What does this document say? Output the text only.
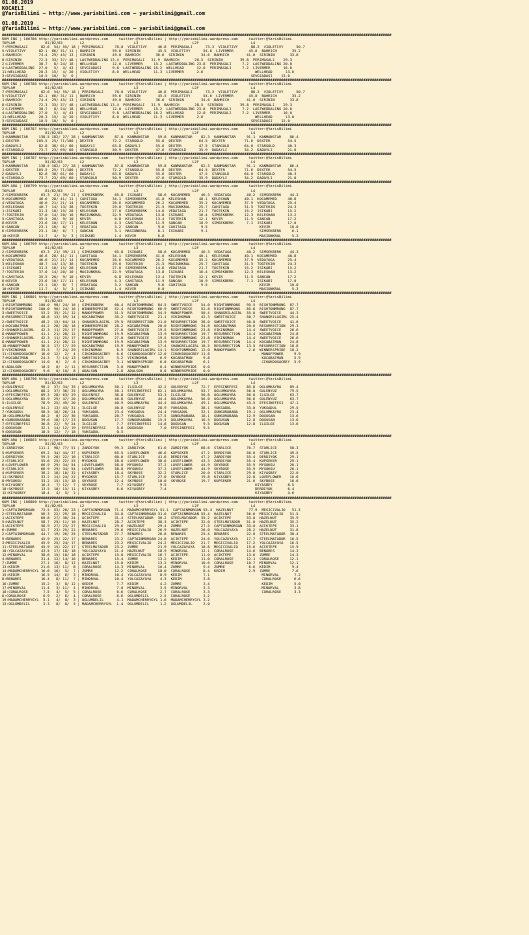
01.08.2019
KOCAELI
@YarisBilimi — http://www.yarisbilimi.com — yarisbilimi@gmail.com
01.08.2019
@YarisBilimi — http://www.yarisbilimi.com — yarisbilimi@gmail.com
####################################################################################################################################################################################
KUM ING | 166786 http://yarisbilimi.wordpress.com     twitter:@YarisBilimi | http://yarisbilimi.wordpress.com     twitter:@YarisBilimi
TOPLAM              81/82/83        L2                       L3                         L2F                        L4
7:PERIMASALI      82.6  54/ 55/ 18 | PERIMASALI     78.0  VIOLETIVY     46.8  PERIMASALI      73.3  VIOLETIVY      88.3  VIOLETIVY      50.7
5:VIOLETIVY      82.1  66/ 31/ 11 | BAHRICH        59.6  SIRININ        45.5  VIOLETIVY      54.6  LIVERMER       45.0  BAHRICH       35.2
1:BAHRICH        74.4  29/ 45/ 13 | SIRININ        49.0  BAHRICH       36.6  SIRININ        34.6  BAHRICH        41.0  SIRININ       33.8
8:SIRININ        72.3  33/ 37/ 48 | LASTWEDDALING 13.4  PERIMASALI   31.9  BAHRICH       28.5  SIRININ        39.8  PERIMASALI    29.3
2:LIVERMER       30.7   8/ 24/ 18 | WELLHEAD       12.0  LIVERMER     15.2  LASTWEDDALING 23.8  PERIMASALI     7.2  LASTWEDDALING 20.0
4:LASTWEDDALING  27.0   5/  4/ 43 | SEVGIADASI     9.8  LASTWEDDALING 16.2  WELLHEAD      12.0  PERIMASALI     7.2  LIVERMER      16.0
11:WELLHEAD      20.3  15/  4/ 20 | VIOLETIVY      8.0  WELLHEAD      11.3  LIVERMER      2.6                        WELLHEAD      13.0
3:SEVGIADASI     10.5  10/  5/  0 |                                                                                SEVGIADASI    13.0
####################################################################################################################################################################################
KUM ING | 166786 http://yarisbilimi.wordpress.com     twitter:@YarisBilimi | http://yarisbilimi.wordpress.com     twitter:@YarisBilimi
TOPLAM              81/82/83        L2                       L3                         L2F                        L4
7:PERIMASALI      82.6  54/ 55/ 18 | PERIMASALI     78.0  VIOLETIVY     46.8  PERIMASALI      73.3  VIOLETIVY      88.3  VIOLETIVY      50.7
5:VIOLETIVY      82.1  66/ 31/ 11 | BAHRICH        59.6  SIRININ        45.5  VIOLETIVY      54.6  LIVERMER       45.0  BAHRICH       35.2
1:BAHRICH        74.4  29/ 45/ 13 | SIRININ        49.0  BAHRICH       36.6  SIRININ        34.6  BAHRICH        41.0  SIRININ       33.8
8:SIRININ        72.3  33/ 37/ 48 | LASTWEDDALING 13.4  PERIMASALI   31.9  BAHRICH       28.5  SIRININ        39.8  PERIMASALI    29.3
2:LIVERMER       30.7   8/ 24/ 18 | WELLHEAD       12.0  LIVERMER     15.2  LASTWEDDALING 23.8  PERIMASALI     7.2  LASTWEDDALING 20.0
4:LASTWEDDALING  27.0   5/  4/ 43 | SEVGIADASI     9.8  LASTWEDDALING 16.2  WELLHEAD      12.0  PERIMASALI     7.2  LIVERMER      16.0
11:WELLHEAD      20.3  15/  4/ 20 | VIOLETIVY      8.0  WELLHEAD      11.3  LIVERMER      2.6                        WELLHEAD      13.0
3:SEVGIADASI     10.5  10/  5/  0 |                                                                                SEVGIADASI    13.0
####################################################################################################################################################################################
KUM ING | 166787 http://yarisbilimi.wordpress.com     twitter:@YarisBilimi | http://yarisbilimi.wordpress.com     twitter:@YarisBilimi
TOPLAM              81/82/83        L2                       L3                         L2F                        L4
3:KANMANSTAR     138.5 182/ 27/ 28 | KANMANSTAR     87.8  KANMANSTAR    59.8  KANMANSTAR    82.3  KANMANSTAR     91.1  KANMANSTAR    86.4
1:DEXTER        105.5  25/ 71/100 | DEXTER         72.2  STARGOLD      55.8  DEXTER        64.5  DEXTER         71.6  DEXTER        54.5
2:DADAYLI        82.8  38/ 61/ 60 | DADAYLI        63.8  DADAYLI       55.6  DEXTER        47.5  STARGOLD       64.0  STARGOLD      40.3
6:STARGOLD       73.7  23/ 69/ 60 | STARGOLD       50.9  DEXTER        47.6  STARGOLD      35.9  DADAYLI        34.2  DADAYLI       21.0
####################################################################################################################################################################################
KUM ING | 166787 http://yarisbilimi.wordpress.com     twitter:@YarisBilimi | http://yarisbilimi.wordpress.com     twitter:@YarisBilimi
TOPLAM              81/82/83        L2                       L3                         L2F                        L4
3:KANMANSTAR     138.5 182/ 27/ 28 | KANMANSTAR     87.8  KANMANSTAR    59.8  KANMANSTAR    82.3  KANMANSTAR     91.1  KANMANSTAR    86.4
1:DEXTER        105.5  25/ 71/100 | DEXTER         72.2  STARGOLD      55.8  DEXTER        64.5  DEXTER         71.6  DEXTER        54.5
2:DADAYLI        82.8  38/ 61/ 60 | DADAYLI        63.8  DADAYLI       55.6  DEXTER        47.5  STARGOLD       64.0  STARGOLD      40.3
6:STARGOLD       73.7  23/ 69/ 60 | STARGOLD       50.9  DEXTER        47.6  STARGOLD      35.9  DADAYLI        34.2  DADAYLI       21.0
####################################################################################################################################################################################
KUM ARA | 166799 http://yarisbilimi.wordpress.com     twitter:@YarisBilimi | http://yarisbilimi.wordpress.com     twitter:@YarisBilimi
TOPLAM              81/82/83        L2                       L3                         L2F                        L4
2:SIMSEKBERK      63.3  21/ 39/ 21 | SIMSEKBERK     65.8  ISIKABI       58.6  KOCAMEMED     46.3  VEDATAGA       40.2  SIMSEKBERK    44.3
9:KOCAMEMED      46.6  28/ 41/ 11 | CAHITAGA       34.1  SIMSEKBERK    41.0  KELESHAN      40.1  KELESHAN       40.1  KOCAMEMED     40.8
4:VEDATAGA       46.6  21/ 21/ 14 | KOCAMEMED      26.6  KOCAMEMED     26.2  KOCAMEMED     35.2  KOCAMEMED      37.9  VEDATAGA      25.4
3:KELESHAN       40.7  14/ 13/ 38 | TOGTEKIN       29.0  TOGTEKIN      21.5  MASIUNKRAL    25.7  CAHITAGA       31.5  TOGTEKIN      24.3
1:ISIKABI        31.3  10/ 15/ 28 | KELESHAN       27.0  SIMSEKBERK    14.6  VEDATAGA      21.7  TOGTEKIN       15.2  ISIKABI       15.2
7:TOGTEKIN       37.0  14/ 20/ 10 | MASIUNKRAL     22.9  VEDATAGA      13.8  ISIKABI       16.4  SIMSEKBERK     12.3  KELESHAN      13.2
5:CAHITAGA       35.5  20/  9/ 10 | KEVIR           6.8  KELESHAN      13.4  TOGTEKIN      12.1  KEVIR          11.5  SANCAN        17.2
8:KEVIR          23.6  10/ 17/ 11 | KELESHAN        4.3  CAHITAGA      11.9  SANCAN        10.9  SIMSEKBERK      7.1  ISIKABI       17.0
6:SANCAN         23.1  10/  8/  7 | VEDATAGA        3.2  SANCAN         9.6  CAHITAGA       9.5                        KEVIR         10.0
6:SIMSEKBERK     23.1  10/  6/  7 | SANCAN          3.1  MASIUNKRAL     8.1  ISIKABI        9.1                        SIMSEKBERK     6.1
10:KEVIR         11.7   4/  5/  3 | ISIKABI         1.4  KEVIR          6.0                                            MASIUNKRAL     5.3
####################################################################################################################################################################################
KUM ARA | 166799 http://yarisbilimi.wordpress.com     twitter:@YarisBilimi | http://yarisbilimi.wordpress.com     twitter:@YarisBilimi
TOPLAM              81/82/83        L2                       L3                         L2F                        L4
2:SIMSEKBERK      63.3  21/ 39/ 21 | SIMSEKBERK     65.8  ISIKABI       58.6  KOCAMEMED     46.3  VEDATAGA       40.2  SIMSEKBERK    44.3
9:KOCAMEMED      46.6  28/ 41/ 11 | CAHITAGA       34.1  SIMSEKBERK    41.0  KELESHAN      40.1  KELESHAN       40.1  KOCAMEMED     40.8
4:VEDATAGA       46.6  21/ 21/ 14 | KOCAMEMED      26.6  KOCAMEMED     26.2  KOCAMEMED     35.2  KOCAMEMED      37.9  VEDATAGA      25.4
3:KELESHAN       40.7  14/ 13/ 38 | TOGTEKIN       29.0  TOGTEKIN      21.5  MASIUNKRAL    25.7  CAHITAGA       31.5  TOGTEKIN      24.3
1:ISIKABI        31.3  10/ 15/ 28 | KELESHAN       27.0  SIMSEKBERK    14.6  VEDATAGA      21.7  TOGTEKIN       15.2  ISIKABI       15.2
7:TOGTEKIN       37.0  14/ 20/ 10 | MASIUNKRAL     22.9  VEDATAGA      13.8  ISIKABI       16.4  SIMSEKBERK     12.3  KELESHAN      13.2
5:CAHITAGA       35.5  20/  9/ 10 | KEVIR           6.8  KELESHAN      13.4  TOGTEKIN      12.1  KEVIR          11.5  SANCAN        17.2
8:KEVIR          23.6  10/ 17/ 11 | KELESHAN        4.3  CAHITAGA      11.9  SANCAN        10.9  SIMSEKBERK      7.1  ISIKABI       17.0
6:SANCAN         23.1  10/  8/  7 | VEDATAGA        3.2  SANCAN         9.6  CAHITAGA       9.5                        KEVIR         10.0
10:KEVIR         11.7   4/  5/  3 | ISIKABI         1.4  KEVIR          6.0                                            MASIUNKRAL     5.3
####################################################################################################################################################################################
KUM ING | 166801 http://yarisbilimi.wordpress.com     twitter:@YarisBilimi | http://yarisbilimi.wordpress.com     twitter:@YarisBilimi
TOPLAM              81/82/83        L2                       L3                         L2F                        L4
1:RIGHTONMRONG   100.0  90/ 24/ 16 | SIMSEKBERK     60.4  RIGHTONMRONG  84.5  SWEETVOICE    54.0  RIGHTONMRONG   95.5  RIGHTONMRONG  87.7
9:RIGHTONMRONG   100.0  90/ 24/ 16 | WINNERSPRIDE   52.4  RIGHTONMRONG  66.9  SWEETVOICE    52.8  RIGHTONMRONG   85.8  RIGHTONMRONG  87.7
3:SWEETVOICE      53.2  35/ 21/ 12 | MANOFPOWER     51.5  RIGHTONMRONG  54.5  MANOFPOWER    50.4  SHANGRILAGIRL  55.0  SWEETVOICE    44.3
6:RESURRECTION    48.8  13/ 59/ 14 | KOCABATMAN     35.2  SWEETVOICE    21.1  VIKINGMAN     42.3  SWEETVOICE     50.7  SHANGRILAGIRL 25.4
2:SWEETVOICE      48.2  15/ 64/ 14 | SHANGRILAGIRL  29.5  RESURRECTION  21.0  RESURRECTION  38.0  SWEETVOICE     40.0  SWEETVOICE    41.6
4:KOCABATMAN      44.2  28/ 28/ 16 | WINNERSPRIDE   28.2  KOCABATMAN    20.0  RIGHTONMRONG  34.8  KOCABATMAN     20.6  RESURRECTION  29.3
2:SHANGRILAGIRL   42.3  11/ 25/ 17 | MANOFPOWER     27.0  SWEETVOICE    19.5  RIGHTONMRONG  23.8  VIKINGMAN      14.4  SWEETVOICE    26.6
8:MANOFPOWER      41.1  21/ 28/ 12 | RIGHTONMRONG   19.9  KOCABATMAN    13.9  RESURRECTION  19.7  RESURRECTION   14.4  KOCABATMAN    24.8
2:SHANGRILAGIRL   42.3  11/ 25/ 17 | MANOFPOWER     27.0  SWEETVOICE    19.5  RIGHTONMRONG  23.8  VIKINGMAN      14.4  SWEETVOICE    26.6
8:MANOFPOWER      41.1  21/ 28/ 12 | RIGHTONMRONG   19.9  KOCABATMAN    13.9  RESURRECTION  19.7  RESURRECTION   14.4  KOCABATMAN    24.8
10:MANOFPOWER     36.5  17/ 17/ 29 | KOCABATMAN     19.9  MANOFPOWER    17.4  SHANGRILAGIRL 18.5  RESURRECTION   13.5  RESURRECTION  18.8
5:VIKINGMAN       35.5   7/ 24/ 29 | VIKINGMAN       6.9  SHANGRILAGIRL 14.1  RIGHTONMRONG  12.0  MANOFPOWER      2.6  WINNERSPRIDE  18.2
11:CIKOKDOGACBEY  16.0  12/  2/  4 | CIKOKDOGACBEY   6.6  CIKOKDOGACBEY 12.0  CIKOKDOGACBEY 11.8                        MANOFPOWER     9.9
7:KOCABATMAN      24.3   7/ 14/ 13 | SWEETVOICE      5.2  VIKINGMAN      6.9  KOCABATMAN     9.8                        KOCABATMAN     5.9
12:CIKOKDOGACBEY  14.0   6/  2/  6 | CIKOKDOGACBEY   3.1  WINNERSPRIDE   6.0  KOCABATMAN     6.1                        CIKOKDOGACBEY  5.9
6:ADALSON         10.5   0/  2/ 11 | RESURRECTION    3.0  MANOFPOWER     0.4  WINNERSPRIDE   0.0
12:CIKOKDOGACBEY   9.6   0/ 10/  8 | ADALSON         2.8  ADALSON        0.0  WINNERSPRIDE   0.0
####################################################################################################################################################################################
KUM ARA | 166796 http://yarisbilimi.wordpress.com     twitter:@YarisBilimi | http://yarisbilimi.wordpress.com     twitter:@YarisBilimi
TOPLAM              81/82/83        L2                       L3                         L2F                        L4
4:GULENYUZ        90.2  37/ 34/ 35 | OGLUMKAYRA     50.1  ILGILGE       42.2  GULENYUZ      72.7  EFESINEFESI    85.8  OGLUMKAYRA    89.4
1:OGLUMKAYRA      88.2  37/ 36/ 25 | OGLUMKAYRA     50.1  EFESINEFESI   62.1  OGLUMKAYRA    55.7  OGLUMKAYRA     56.0  GULENYUZ      79.5
2:EFESINEFESI     89.3  28/ 63/ 29 | GULENYUZ       36.8  GULENYUZ      53.3  ILGILGE       50.8  OGLUMKAYRA     56.0  ILGILGE       63.7
3:OGLUMKAYRA      85.9  29/ 47/ 20 | OGLUMKAYRA     46.0  GULENYUZ      44.4  OGLUMKAYRA    56.0  OGLUMKAYRA     56.6  GULENYUZ      63.7
5:ILGILGE         78.9  25/ 49/ 20 | GULENYUZ       40.9  OGLUMKAYRA    44.4  OGLUMKAYRA    49.1  OGLUMKAYRA     43.5  EFESINEFESI   47.1
4:GULENYUZ        54.2  13/ 43/ 31 | ILGILGE        40.0  GULENYUZ      28.9  YUKSADUL      38.1  YUKSADUL       33.0  YUKSADUL      29.5
7:YUKSADUL        58.5  18/ 26/ 24 | YUKSADUL       23.4  YUKSADUL      24.4  YUKSADUL      32.1  GUNGURABABA    19.1  OGLUMKAYRA    23.4
10:OGLUMKAYRA     40.2   0/ 22/ 36 | YUKSADUL       20.7  YUKSADUL      17.5  GUNGURABABA   18.1  GUNGURABABA    12.9  DOGUSAN       13.6
6:GUNGURABABA     39.6  18/ 17/ 23 | DOGUSAN        17.7  GUNGURABABA   15.5  OGLUMKAYRA    16.5  DOGUSAN        12.8  DOGUSAN       13.6
7:EFESINEFESI     36.8  22/  9/ 24 | ILGILGE         7.7  EFESINEFESI   14.8  DOGUSAN        9.5  DOGUSAN        12.8  ILGILGE       13.6
2:DOGUSAN         32.1  14/ 12/ 19 | EFESINEFESI     5.6  DOGUSAN        7.0  EFESINEFESI    9.5
9:DOGUSAN         18.5  12/  7/ 18 | YUKSADUL        0.5
####################################################################################################################################################################################
KUM ARA | 166803 http://yarisbilimi.wordpress.com     twitter:@YarisBilimi | http://yarisbilimi.wordpress.com     twitter:@YarisBilimi
TOPLAM              81/82/83        L2                       L3                         L2F                        L4
3:ZARDIYOK       111.1  98/ 77/ 51 | ZARDIYOK       99.3  ZARDIYOK      61.6  ZARDIYOK      68.6  STARLICE       76.7  STARLICE      50.3
5:KUPSEKER        69.2  34/ 44/ 37 | KUPSEKER       65.5  LOVEFLOWER    46.6  KUPSEKER      47.2  DERDIYOK       56.0  STARLICE      49.5
1:DERDIYOK        59.5  20/ 22/ 16 | STARLICE       60.0  STARLICE      41.6  DERDIYOK      47.2  ZARDIYOK       55.4  DERDIYOK      29.1
2:STARLICE        55.6  25/ 22/ 25 | MYGOKSU        58.0  LOVEFLOWER    38.6  LOVEFLOWER    43.3  ZARDIYOK       55.4  KUPSEKER      29.1
6:LOVEFLOWER      66.9  29/ 34/ 54 | LOVEFLOWER     58.0  MYGOKSU       37.2  LOVEFLOWER    44.9  SKYBOSE        55.9  MYGOKSU       26.1
3:STARLICE        66.9  29/ 34/ 54 | LOVEFLOWER     58.0  MYGOKSU       37.2  LOVEFLOWER    44.9  SKYBOSE        55.9  MYGOKSU       26.1
4:KUPSEKER        38.2  18/ 10/ 32 | KIYASBEY       18.4  SKYBOSE       32.2  STARLICE      20.0  STARLICE       29.0  KIYASBEY      22.0
11:SKYBOSE        33.2  14/ 24/ 22 | MYGOKSU        15.7  STARLICE      27.0  SKYBOSE       19.8  KIYASBEY       22.8  LOVEFLOWER    16.6
8:MYGOKSU         33.2  15/ 15/ 18 | SKYBOSE        12.4  SKYBOSE       10.0  SKYBOSE       19.7  KUPSEKER       21.6  SKYBOSE       16.6
9:KIYASBEY        16.3   7/ 12/  7 | SKYBOSE         7.7  KIYASBEY       9.5                                         KIYASBEY       8.5
10:SKYBOSE        13.5  10/ 15/ 11 | KIYASBEY        6.6  KIYASBEY       7.4                                         DERDIYOK       6.4
12:KIYASBEY       10.4   4/  5/  2 |                                                                                 KIYASBEY       4.6
####################################################################################################################################################################################
KUM ING | 166800 http://yarisbilimi.wordpress.com     twitter:@YarisBilimi | http://yarisbilimi.wordpress.com     twitter:@YarisBilimi
TOPLAM              81/82/83        L2                       L3                         L2F                        L4
1:CAPTAINMORGAN   73.5  53/ 20/ 23 | CAPTAINMORGAN  71.4  MADAMCHERRYGYL 51.1  CAPTAINMORGAN 55.4  HAZELNUT       77.9  MEGICIVALIO   51.5
2:STEELMATADOR    56.3  22/ 29/ 18 | MEGICIVALIO    34.0  CAPTAINMORGAN 31.0  CAPTAINMORGAN 55.4  HAZELNUT       56.6  MEGICIVALIO   51.5
1:ACIKTEPE        60.8  27/ 30/ 24 | ACIKTEPE       31.4  STEELMATADOR  30.2  STEELMATADOR  35.2  ACIKTEPE       53.0  HAZELNUT      35.9
5:HAZELNUT        58.7  25/ 11/ 16 | HAZELNUT       28.7  ACIKTEPE      30.3  ACIKTEPE      32.0  STEELMATADOR   51.0  HAZELNUT      35.2
3:ACIKTEPE        58.9  27/ 23/ 27 | MEGICIVALIO    29.6  HAZELNUT      29.4  ZUMRE         27.5  CAPTAINMORGAN  33.0  ACIKTEPE      33.1
6:ZUMRE           52.7  23/ 25/ 22 | BENARES        29.6  MEGICIVALIO   26.9  HAZELNUT      26.0  YOLCAZAYAYA    28.2  HAZELNUT      31.8
2:CAPTAINMORGAN   44.7  19/ 26/ 25 | STEELMATADOR   27.7  BENARES       26.8  BENARES       25.4  BENARES        22.0  STEELMATADOR  30.4
9:BENARES         45.9  25/ 22/ 17 | BENARES        23.2  CAPTAINMORGAN 24.8  ACIKTEPE      24.6  YOLCAZAYAYA    17.7  STEELMATADOR  16.5
3:MEGICIVALIO     45.9  25/ 24/ 17 | BENARES        23.2  MEGICIVALIO   24.2  MEGICIVALIO   21.7  MEGICIVALIO    17.2  YOLCAZAYAYA   16.5
11:STEELMATADOR   45.9  15/ 22/ 17 | STEELMATADOR   23.2  ZUMRE         21.9  YOLCAZAYAYA   18.8  MEGICIVALIO    15.6  ACIKTEPE      15.9
10:YOLCAZAYAYA    43.5  17/ 18/ 18 | YOLCAZAYAYA    21.4  HAZELNUT      18.9  MINORVAL      12.1  CORALROSE      14.6  BENARES       14.3
12:MINORVAL       38.6  15/ 10/ 18 | ACIKTEPE       15.0  MEGICIVALIO   16.7  ACIKTEPE      11.0  ACIKTEPE       13.6  ZUMRE         14.3
4:BENARES         31.4  12/ 14/ 16 | BENARES        15.4  ZUMRE         13.2  KEDIM         11.0  CORALROSE      12.1  CORALROSE     12.1
7:ZUMRE           27.1  16/  8/ 12 | HAZELNUT       15.0  KEDIM         13.2  MINORVAL      10.6  CORALROSE      10.7  MINORVAL      12.1
13:KEDIM          21.6  13/ 11/  8 | CORALROSE      14.3  MINORVAL      10.4  ZUMRE          9.4  ZUMRE           6.6  KEDIM          9.4
14:MADAMCHERRYGYL 16.6  16/  5/  7 | ZUMRE          12.2  CORALROSE     10.0  CORALROSE      8.4  KEDIM           2.9  ZUMRE          7.6
15:KEDIM          16.5  14/  6/  3 | MINORVAL       10.4  YOLCAZAYAYA    8.9  KEDIM          7.1                        MINORVAL       7.2
8:BENARES         16.4   8/ 11/  7 | MINORVAL       10.4  YOLCAZAYAYA    4.3  KEDIM          3.8                        CORALROSE      6.6
16:ZUMRE          15.2   3/  8/ 12 | KEDIM           7.7  KEDIM          4.2  ZUMRE          3.4                        KEDIM          5.0
17:MINORVAL       11.4   3/ 11/  4 | MINORVAL        7.0  MINORVAL       3.5  MINORVAL       3.3                        MINORVAL       3.8
18:CORALROSE       7.5   4/  5/  5 | CORALROSE       6.6  CORALROSE      2.7  CORALROSE      3.3                        CORALROSE      3.3
8:CORALROSE        6.9   2/  6/  4 | CORALROSE       6.6  OGLUMDELIL     2.5  CORALROSE      3.2
19:MADAMCHERRYGYL  5.1   4/  0/  3 | OGLUMDELIL      4.1  MADAMCHERRYGYL 1.6  MADAMCHERRYGYL 3.2
13:OGLUMDELIL      3.3   0/  0/  5 | MADAMCHERRYGYL  1.4  OGLUMDELIL     1.2  OGLUMDELIL     3.0
